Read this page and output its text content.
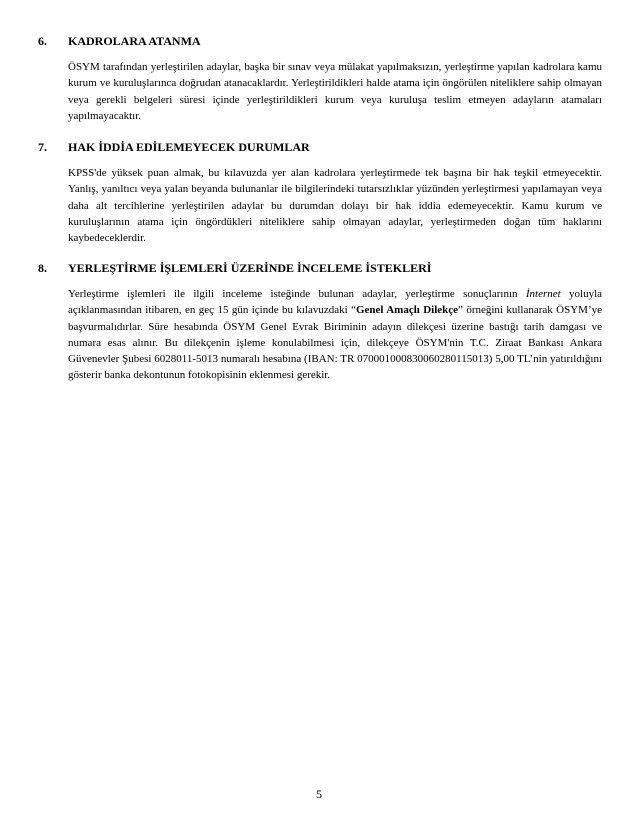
6.	KADROLARA ATANMA

ÖSYM tarafından yerleştirilen adaylar, başka bir sınav veya mülakat yapılmaksızın, yerleştirme yapılan kadrolara kamu kurum ve kuruluşlarınca doğrudan atanacaklardır. Yerleştirildikleri halde atama için öngörülen niteliklere sahip olmayan veya gerekli belgeleri süresi içinde yerleştirildikleri kurum veya kuruluşa teslim etmeyen adayların atamaları yapılmayacaktır.

7.	HAK İDDİA EDİLEMEYECEK DURUMLAR

KPSS'de yüksek puan almak, bu kılavuzda yer alan kadrolara yerleştirmede tek başına bir hak teşkil etmeyecektir. Yanlış, yanıltıcı veya yalan beyanda bulunanlar ile bilgilerindeki tutarsızlıklar yüzünden yerleştirmesi yapılamayan veya daha alt tercihlerine yerleştirilen adaylar bu durumdan dolayı bir hak iddia edemeyecektir. Kamu kurum ve kuruluşlarının atama için öngördükleri niteliklere sahip olmayan adaylar, yerleştirmeden doğan tüm haklarını kaybedeceklerdir.

8.	YERLEŞTİRME İŞLEMLERİ ÜZERİNDE İNCELEME İSTEKLERİ

Yerleştirme işlemleri ile ilgili inceleme isteğinde bulunan adaylar, yerleştirme sonuçlarının İnternet yoluyla açıklanmasından itibaren, en geç 15 gün içinde bu kılavuzdaki “Genel Amaçlı Dilekçe” örneğini kullanarak ÖSYM’ye başvurmalıdırlar. Süre hesabında ÖSYM Genel Evrak Biriminin adayın dilekçesi üzerine bastığı tarih damgası ve numara esas alınır. Bu dilekçenin işleme konulabilmesi için, dilekçeye ÖSYM'nin T.C. Ziraat Bankası Ankara Güvenevler Şubesi 6028011-5013 numaralı hesabına (IBAN: TR 070001000830060280115013) 5,00 TL’nin yatırıldığını gösterir banka dekontunun fotokopisinin eklenmesi gerekir.

5
